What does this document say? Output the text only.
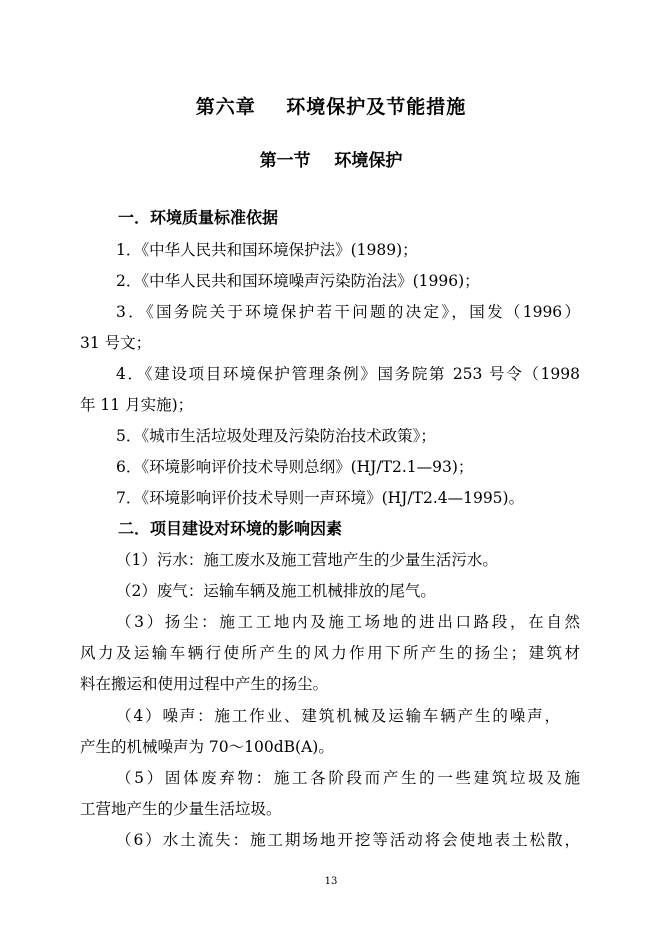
第六章    环境保护及节能措施
第一节    环境保护
一．环境质量标准依据
1．《中华人民共和国环境保护法》(1989)；
2．《中华人民共和国环境噪声污染防治法》(1996)；
3．《国务院关于环境保护若干问题的决定》，国发（1996）
31 号文；
4．《建设项目环境保护管理条例》国务院第 253 号令（1998
年 11 月实施)；
5．《城市生活垃圾处理及污染防治技术政策》；
6．《环境影响评价技术导则总纲》(HJ/T2.1—93)；
7．《环境影响评价技术导则一声环境》(HJ/T2.4—1995)。
二．项目建设对环境的影响因素
（1）污水：施工废水及施工营地产生的少量生活污水。
（2）废气：运输车辆及施工机械排放的尾气。
（3）扬尘：施工工地内及施工场地的进出口路段，在自然
风力及运输车辆行使所产生的风力作用下所产生的扬尘；建筑材
料在搬运和使用过程中产生的扬尘。
（4）噪声：施工作业、建筑机械及运输车辆产生的噪声，
产生的机械噪声为 70～100dB(A)。
（5）固体废弃物：施工各阶段而产生的一些建筑垃圾及施
工营地产生的少量生活垃圾。
（6）水土流失：施工期场地开挖等活动将会使地表土松散，
13
